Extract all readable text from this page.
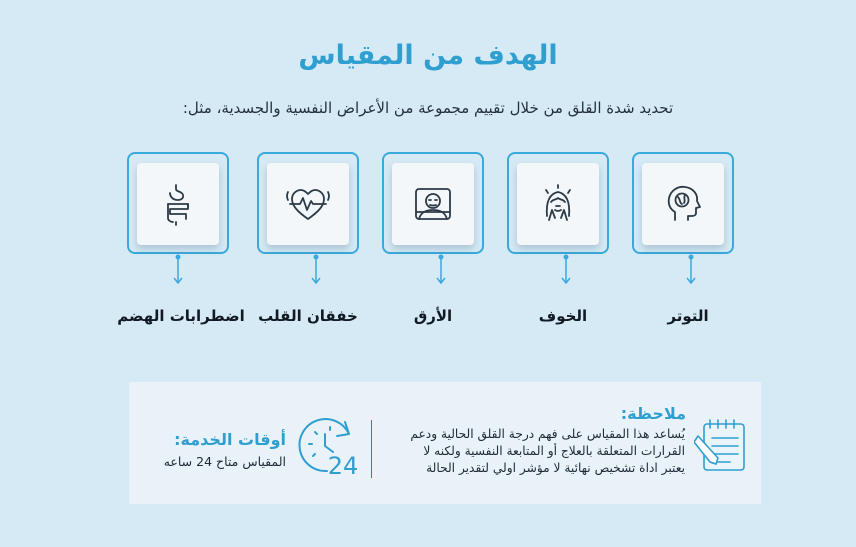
الهدف من المقياس
تحديد شدة القلق من خلال تقييم مجموعة من الأعراض النفسية والجسدية، مثل:
التوتر
الخوف
الأرق
خفقان القلب
اضطرابات الهضم
ملاحظة:
يُساعد هذا المقياس على فهم درجة القلق الحالية ودعم
القرارات المتعلقة بالعلاج أو المتابعة النفسية ولكنه لا
يعتبر اداة تشخيص نهائية لا مؤشر اولي لتقدير الحالة
24
أوقات الخدمة:
المقياس متاح 24 ساعه
